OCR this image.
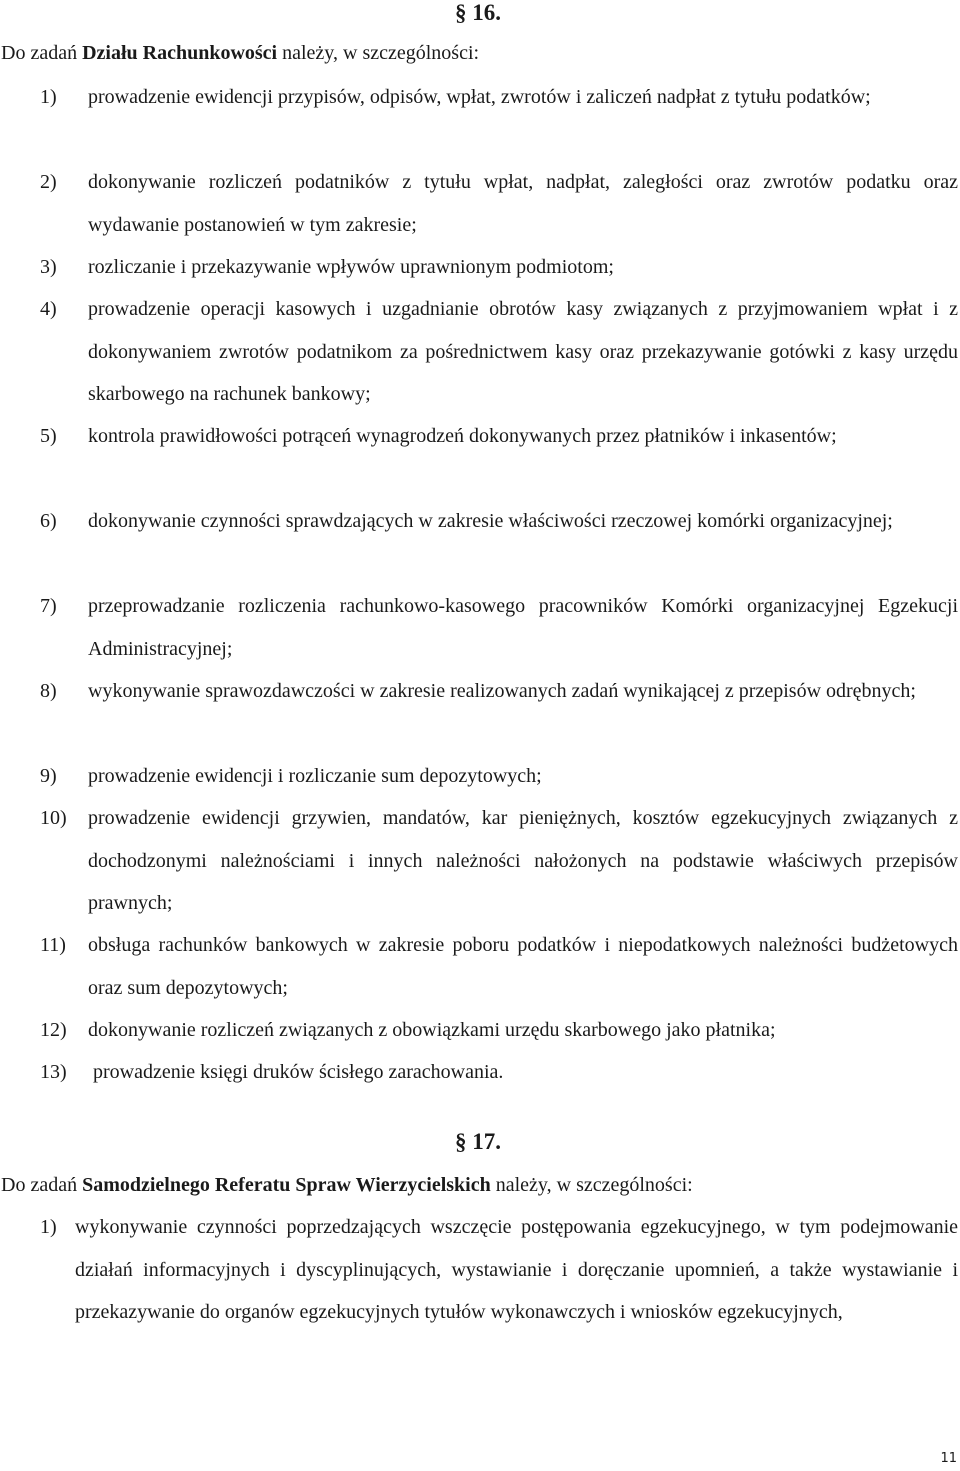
§ 16.
Do zadań Działu Rachunkowości należy, w szczególności:
1) prowadzenie ewidencji przypisów, odpisów, wpłat, zwrotów i zaliczeń nadpłat z tytułu podatków;
2) dokonywanie rozliczeń podatników z tytułu wpłat, nadpłat, zaległości oraz zwrotów podatku oraz wydawanie postanowień w tym zakresie;
3) rozliczanie i przekazywanie wpływów uprawnionym podmiotom;
4) prowadzenie operacji kasowych i uzgadnianie obrotów kasy związanych z przyjmowaniem wpłat i z dokonywaniem zwrotów podatnikom za pośrednictwem kasy oraz przekazywanie gotówki z kasy urzędu skarbowego na rachunek bankowy;
5) kontrola prawidłowości potrąceń wynagrodzeń dokonywanych przez płatników i inkasentów;
6) dokonywanie czynności sprawdzających w zakresie właściwości rzeczowej komórki organizacyjnej;
7) przeprowadzanie rozliczenia rachunkowo-kasowego pracowników Komórki organizacyjnej Egzekucji Administracyjnej;
8) wykonywanie sprawozdawczości w zakresie realizowanych zadań wynikającej z przepisów odrębnych;
9) prowadzenie ewidencji i rozliczanie sum depozytowych;
10) prowadzenie ewidencji grzywien, mandatów, kar pieniężnych, kosztów egzekucyjnych związanych z dochodzonymi należnościami i innych należności nałożonych na podstawie właściwych przepisów prawnych;
11) obsługa rachunków bankowych w zakresie poboru podatków i niepodatkowych należności budżetowych oraz sum depozytowych;
12) dokonywanie rozliczeń związanych z obowiązkami urzędu skarbowego jako płatnika;
13) prowadzenie księgi druków ścisłego zarachowania.
§ 17.
Do zadań Samodzielnego Referatu Spraw Wierzycielskich należy, w szczególności:
1) wykonywanie czynności poprzedzających wszczęcie postępowania egzekucyjnego, w tym podejmowanie działań informacyjnych i dyscyplinujących, wystawianie i doręczanie upomnień, a także wystawianie i przekazywanie do organów egzekucyjnych tytułów wykonawczych i wniosków egzekucyjnych,
11
